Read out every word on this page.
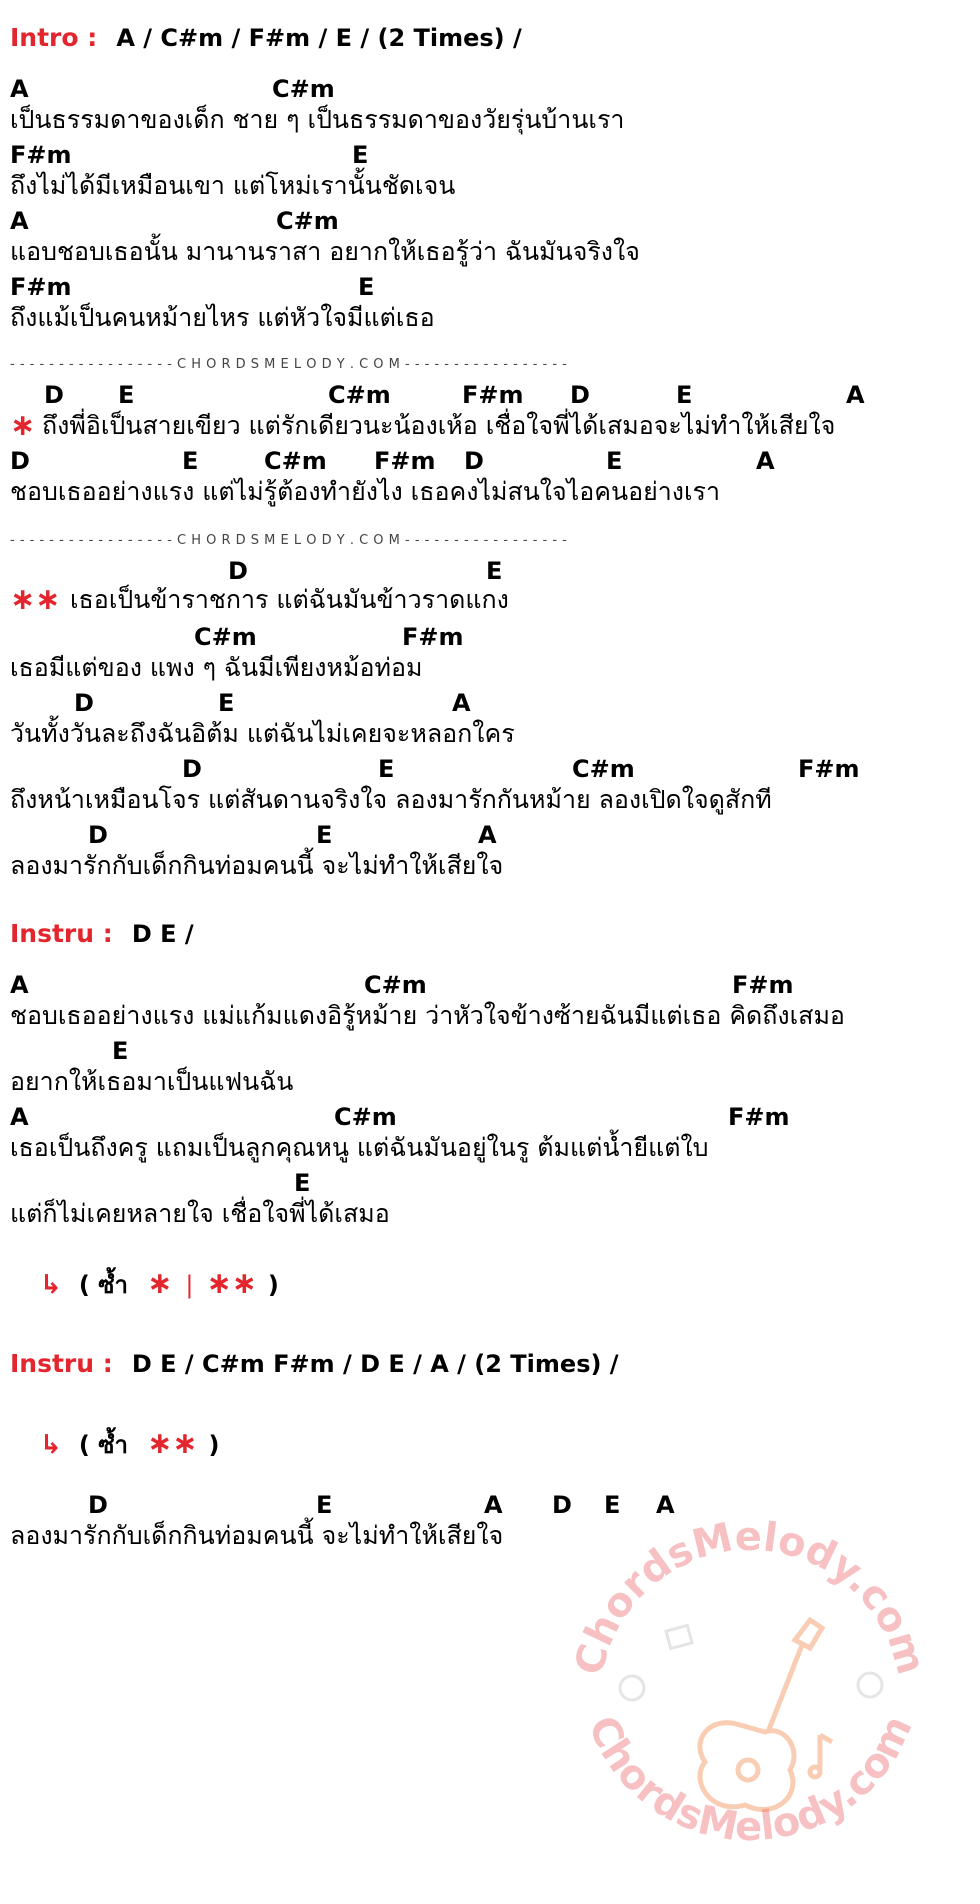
Intro : A / C#m / F#m / E / (2 Times) /
A	C#m
เป็นธรรมดาของเด็ก ชาย ๆ เป็นธรรมดาของวัยรุ่นบ้านเรา
F#m	E
ถึงไม่ได้มีเหมือนเขา แต่โหม่เรานั้นชัดเจน
A	C#m
แอบชอบเธอนั้น มานานราสา อยากให้เธอรู้ว่า ฉันมันจริงใจ
F#m	E
ถึงแม้เป็นคนหม้ายไหร แต่หัวใจมีแต่เธอ
- - - - - - - - - - - - - - - - - C H O R D S M E L O D Y . C O M - - - - - - - - - - - - - - - - -
D E	C#m	F#m D	E	A
∗ ถึงพี่อิเป็นสายเขียว แต่รักเดียวนะน้องเห้อ เชื่อใจพี่ได้เสมอจะไม่ทำให้เสียใจ
D	E	C#m F#m D	E	A
ชอบเธออย่างแรง แต่ไม่รู้ต้องทำยังไง เธอคงไม่สนใจไอคนอย่างเรา
- - - - - - - - - - - - - - - - - C H O R D S M E L O D Y . C O M - - - - - - - - - - - - - - - - -
D	E
∗∗ เธอเป็นข้าราชการ แต่ฉันมันข้าวราดแกง
C#m	F#m
เธอมีแต่ของ แพง ๆ ฉันมีเพียงหม้อท่อม
D	E	A
วันทั้งวันละถึงฉันอิต้ม แต่ฉันไม่เคยจะหลอกใคร
D	E	C#m	F#m
ถึงหน้าเหมือนโจร แต่สันดานจริงใจ ลองมารักกันหม้าย ลองเปิดใจดูสักที
D	E	A
ลองมารักกับเด็กกินท่อมคนนี้ จะไม่ทำให้เสียใจ
Instru : D E /
A	C#m	F#m
ชอบเธออย่างแรง แม่แก้มแดงอิรู้หม้าย ว่าหัวใจข้างซ้ายฉันมีแต่เธอ คิดถึงเสมอ
E
อยากให้เธอมาเป็นแฟนฉัน
A	C#m	F#m
เธอเป็นถึงครู แถมเป็นลูกคุณหนู แต่ฉันมันอยู่ในรู ต้มแต่น้ำยีแต่ใบ
E
แต่ก็ไม่เคยหลายใจ เชื่อใจพี่ได้เสมอ
↳ ( ซ้ำ ∗ | ∗∗ )
ChordsMelody.com
ChordsMelody.com
Instru : D E / C#m F#m / D E / A / (2 Times) /
↳ ( ซ้ำ ∗∗ )
D	E	A D E A
ลองมารักกับเด็กกินท่อมคนนี้ จะไม่ทำให้เสียใจ
